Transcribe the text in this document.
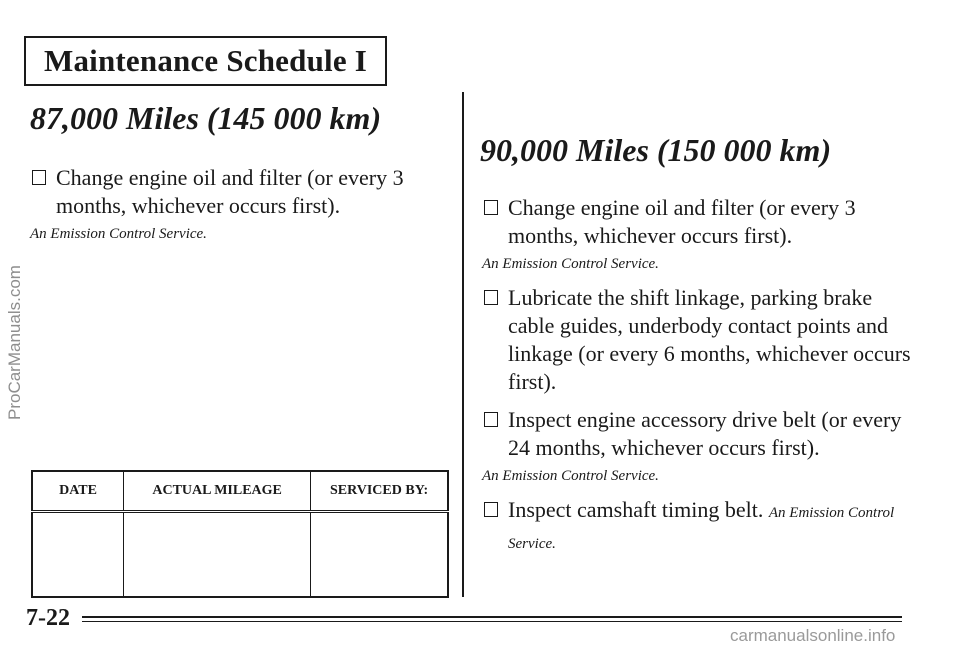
Maintenance Schedule I
87,000 Miles (145 000 km)
Change engine oil and filter (or every 3 months, whichever occurs first).
An Emission Control Service.
90,000 Miles (150 000 km)
Change engine oil and filter (or every 3 months, whichever occurs first).
An Emission Control Service.
Lubricate the shift linkage, parking brake cable guides, underbody contact points and linkage (or every 6 months, whichever occurs first).
Inspect engine accessory drive belt (or every 24 months, whichever occurs first).
An Emission Control Service.
Inspect camshaft timing belt. An Emission Control Service.
DATE	ACTUAL MILEAGE	SERVICED BY:

7-22
ProCarManuals.com
carmanualsonline.info
